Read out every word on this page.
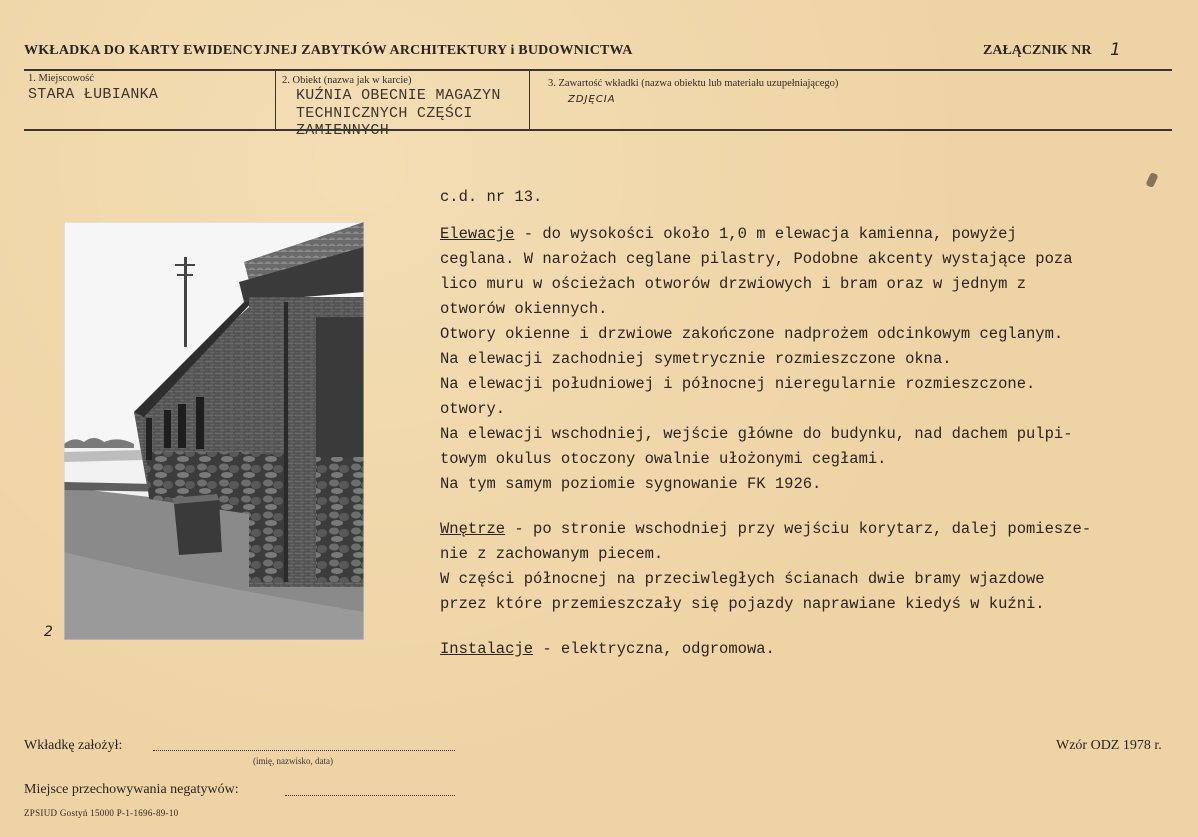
WKŁADKA DO KARTY EWIDENCYJNEJ ZABYTKÓW ARCHITEKTURY i BUDOWNICTWA	ZAŁĄCZNIK NR 1
1. Miejscowość
STARA ŁUBIANKA
2. Obiekt (nazwa jak w karcie)
KUŹNIA OBECNIE MAGAZYN
TECHNICZNYCH CZĘŚCI
ZAMIENNYCH
3. Zawartość wkładki (nazwa obiektu lub materiału uzupełniającego)
ZDJĘCIA
2

c.d. nr 13.

Elewacje - do wysokości około 1,0 m elewacja kamienna, powyżej

ceglana. W narożach ceglane pilastry, Podobne akcenty wystające poza

lico muru w ościeżach otworów drzwiowych i bram oraz w jednym z

otworów okiennych.

Otwory okienne i drzwiowe zakończone nadprożem odcinkowym ceglanym.

Na elewacji zachodniej symetrycznie rozmieszczone okna.

Na elewacji południowej i północnej nieregularnie rozmieszczone.

otwory.

Na elewacji wschodniej, wejście główne do budynku, nad dachem pulpi-

towym okulus otoczony owalnie ułożonymi cegłami.

Na tym samym poziomie sygnowanie FK 1926.

Wnętrze - po stronie wschodniej przy wejściu korytarz, dalej pomiesze-

nie z zachowanym piecem.

W części północnej na przeciwległych ścianach dwie bramy wjazdowe

przez które przemieszczały się pojazdy naprawiane kiedyś w kuźni.

Instalacje - elektryczna, odgromowa.

Wkładkę założył:
(imię, nazwisko, data)
Wzór ODZ 1978 r.
Miejsce przechowywania negatywów:
ZPSIUD Gostyń 15000 P-1-1696-89-10
